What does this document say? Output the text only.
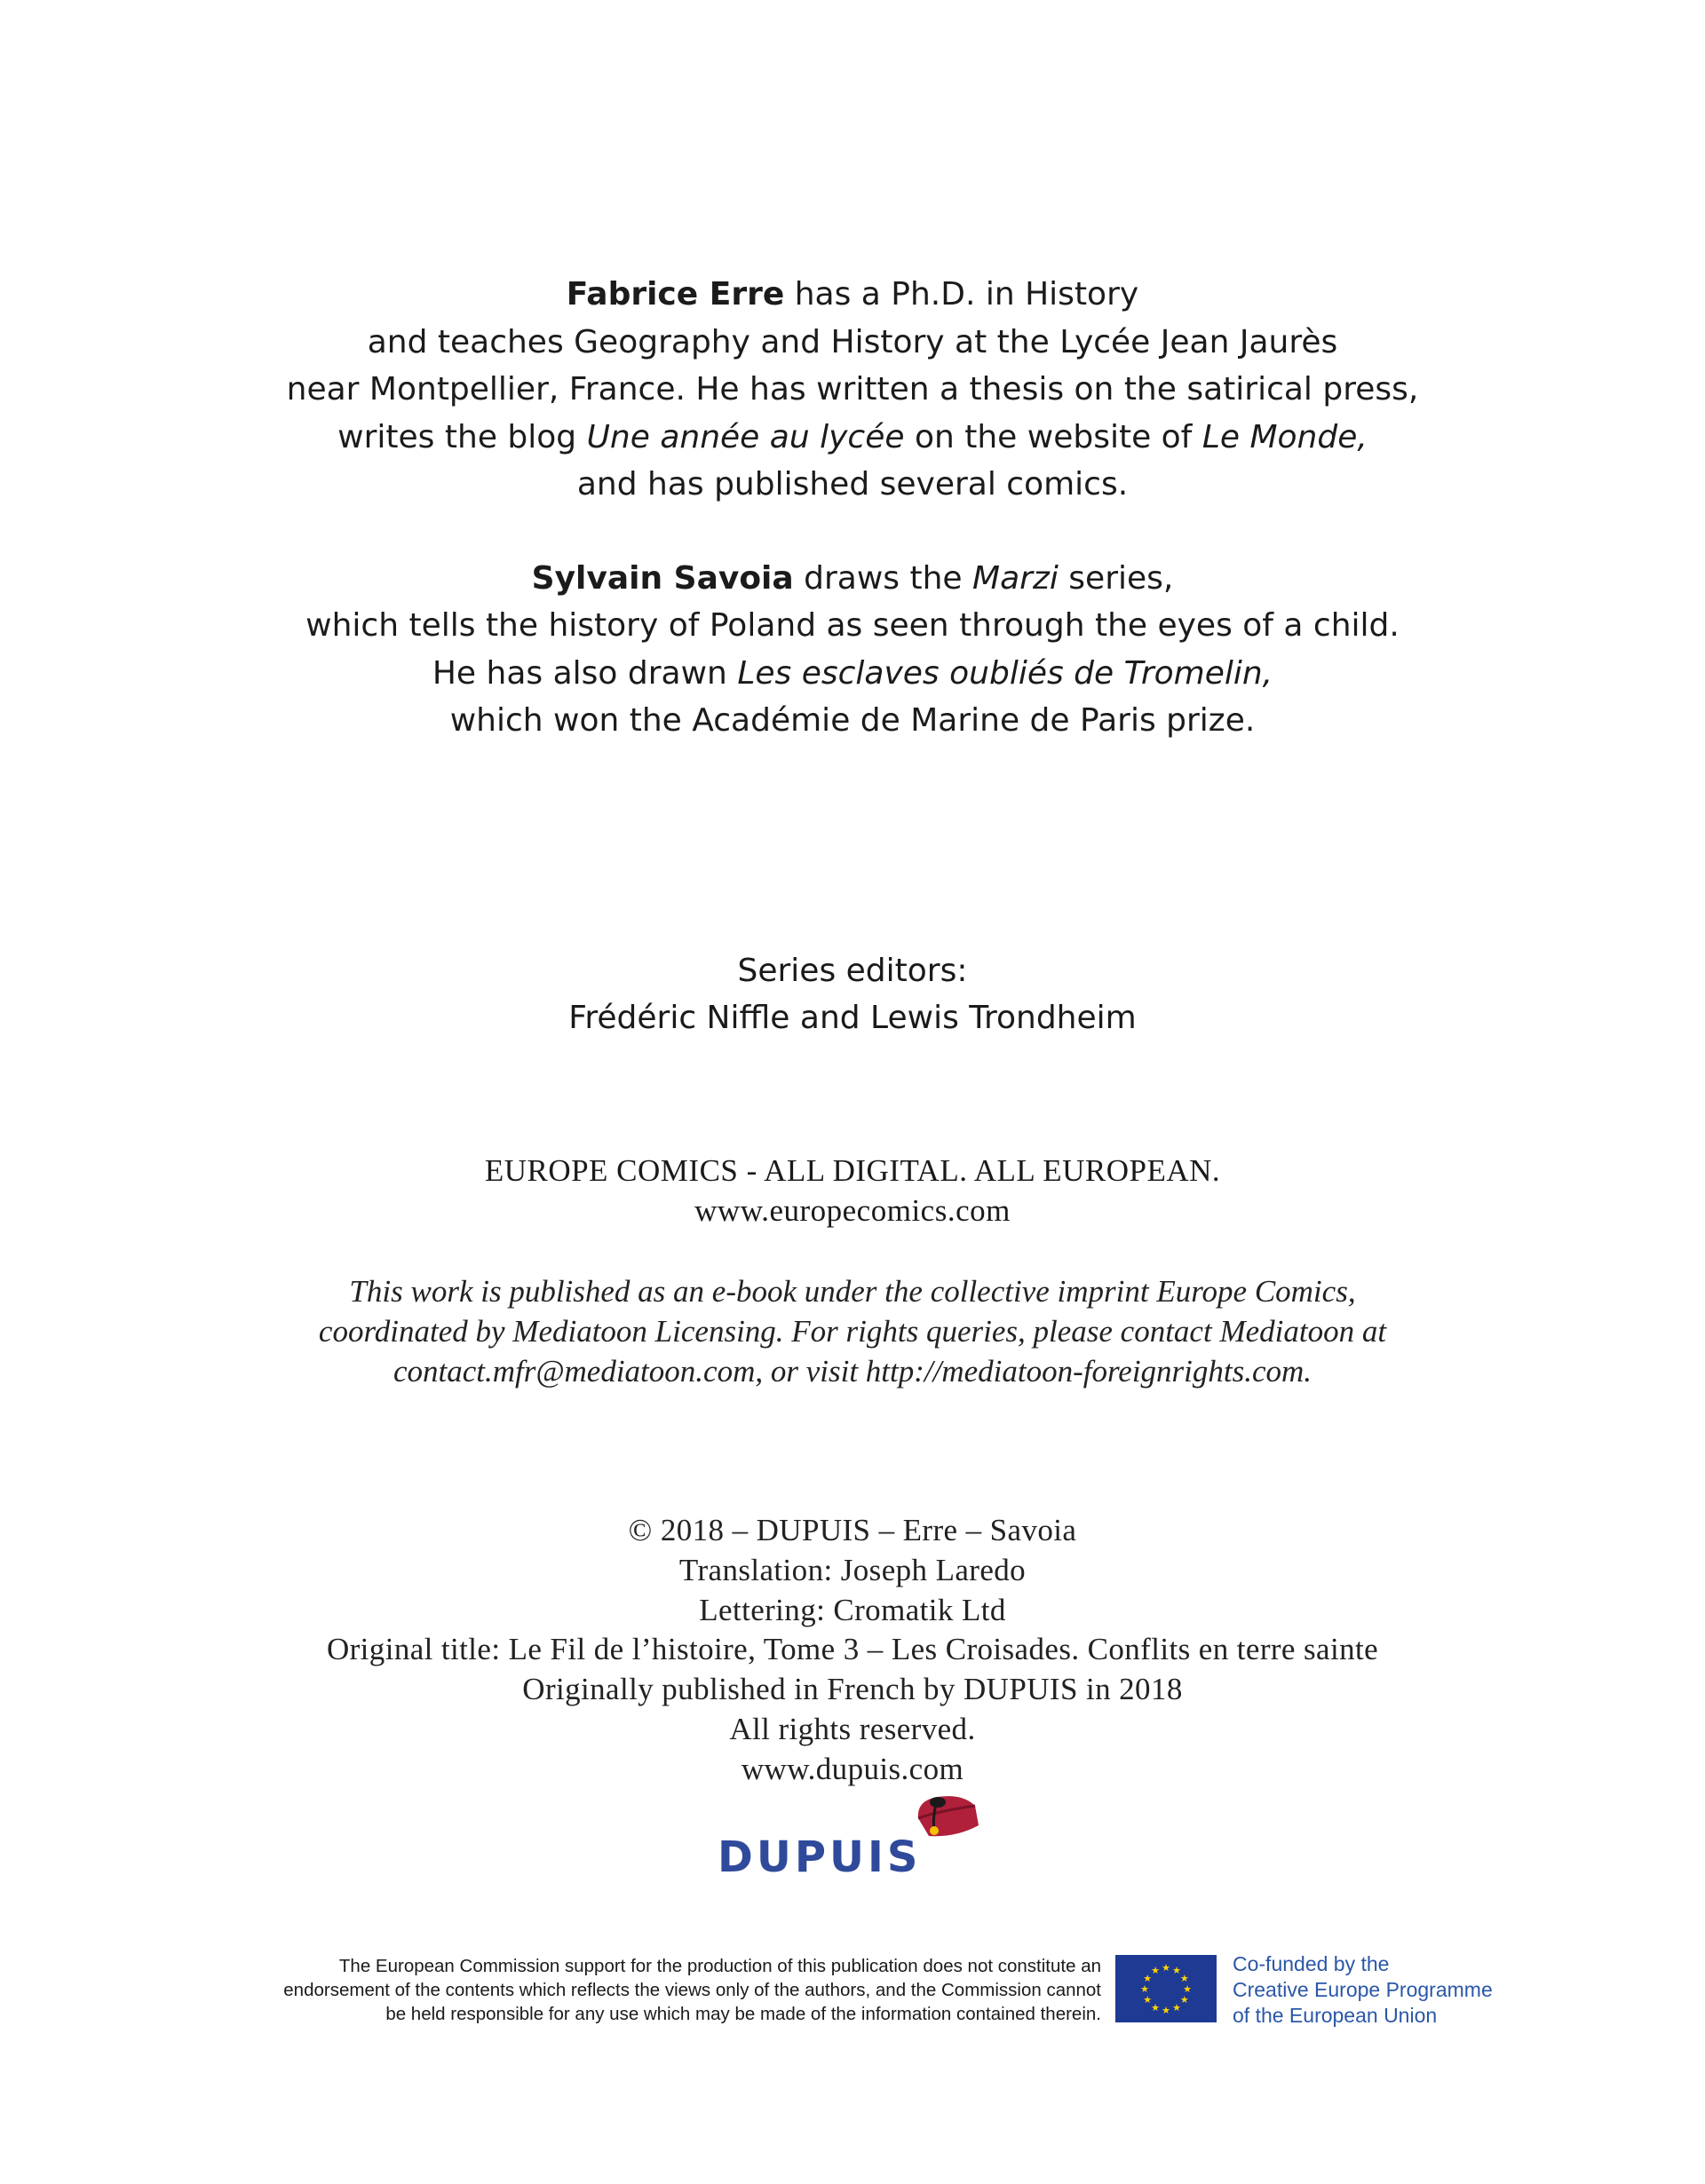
Fabrice Erre has a Ph.D. in History

and teaches Geography and History at the Lycée Jean Jaurès

near Montpellier, France. He has written a thesis on the satirical press,

writes the blog Une année au lycée on the website of Le Monde,

and has published several comics.

Sylvain Savoia draws the Marzi series,

which tells the history of Poland as seen through the eyes of a child.

He has also drawn Les esclaves oubliés de Tromelin,

which won the Académie de Marine de Paris prize.

Series editors:

Frédéric Niffle and Lewis Trondheim

EUROPE COMICS - ALL DIGITAL. ALL EUROPEAN.

www.europecomics.com

This work is published as an e-book under the collective imprint Europe Comics,

coordinated by Mediatoon Licensing. For rights queries, please contact Mediatoon at

contact.mfr@mediatoon.com, or visit http://mediatoon-foreignrights.com.

© 2018 – DUPUIS – Erre – Savoia

Translation: Joseph Laredo

Lettering: Cromatik Ltd

Original title: Le Fil de l’histoire, Tome 3 – Les Croisades. Conflits en terre sainte

Originally published in French by DUPUIS in 2018

All rights reserved.

www.dupuis.com

DUPUIS

The European Commission support for the production of this publication does not constitute an

endorsement of the contents which reflects the views only of the authors, and the Commission cannot

be held responsible for any use which may be made of the information contained therein.

★ ★
★
★
★
★
★
★
★
★
★
★	Co-funded by the

Creative Europe Programme

of the European Union
